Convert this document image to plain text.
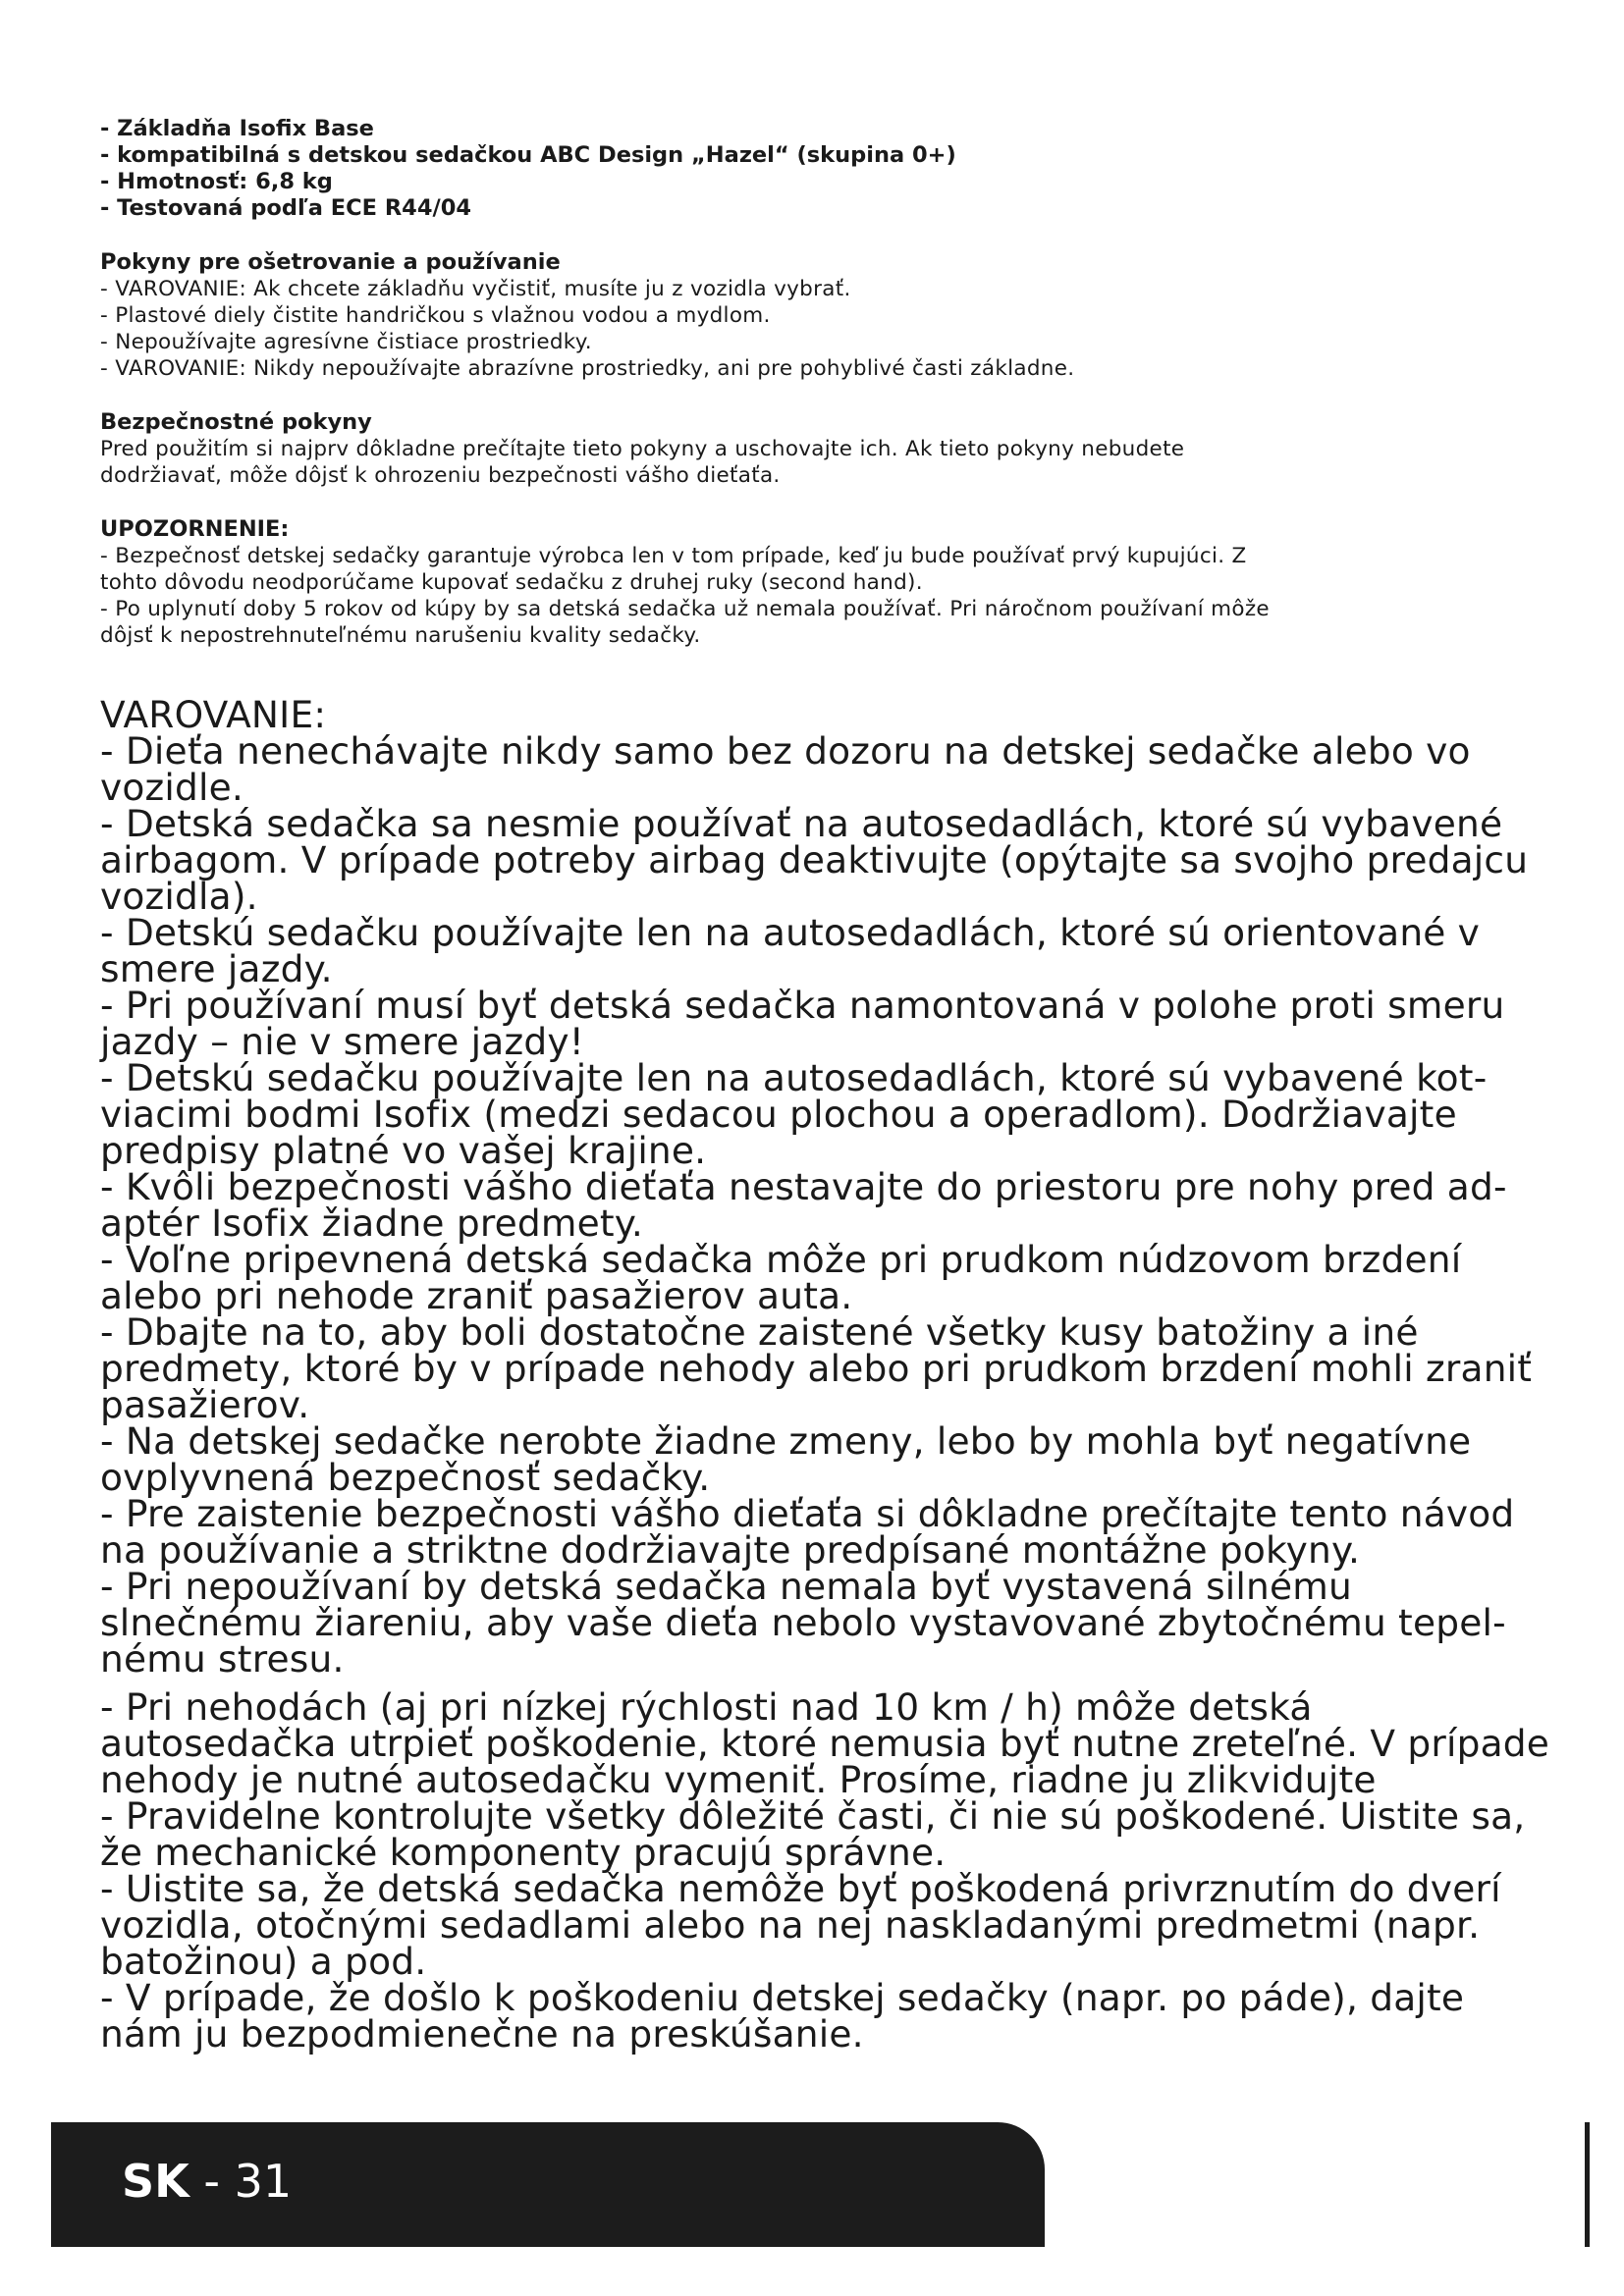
- Základňa Isofix Base

- kompatibilná s detskou sedačkou ABC Design „Hazel“ (skupina 0+)

- Hmotnosť: 6,8 kg

- Testovaná podľa ECE R44/04

Pokyny pre ošetrovanie a používanie

- VAROVANIE: Ak chcete základňu vyčistiť, musíte ju z vozidla vybrať.

- Plastové diely čistite handričkou s vlažnou vodou a mydlom.

- Nepoužívajte agresívne čistiace prostriedky.

- VAROVANIE: Nikdy nepoužívajte abrazívne prostriedky, ani pre pohyblivé časti základne.

Bezpečnostné pokyny

Pred použitím si najprv dôkladne prečítajte tieto pokyny a uschovajte ich. Ak tieto pokyny nebudete

dodržiavať, môže dôjsť k ohrozeniu bezpečnosti vášho dieťaťa.

UPOZORNENIE:

- Bezpečnosť detskej sedačky garantuje výrobca len v tom prípade, keď ju bude používať prvý kupujúci. Z

tohto dôvodu neodporúčame kupovať sedačku z druhej ruky (second hand).

- Po uplynutí doby 5 rokov od kúpy by sa detská sedačka už nemala používať. Pri náročnom používaní môže

dôjsť k nepostrehnuteľnému narušeniu kvality sedačky.

VAROVANIE:

- Dieťa nenechávajte nikdy samo bez dozoru na detskej sedačke alebo vo

vozidle.

- Detská sedačka sa nesmie používať na autosedadlách, ktoré sú vybavené

airbagom. V prípade potreby airbag deaktivujte (opýtajte sa svojho predajcu

vozidla).

- Detskú sedačku používajte len na autosedadlách, ktoré sú orientované v

smere jazdy.

- Pri používaní musí byť detská sedačka namontovaná v polohe proti smeru

jazdy – nie v smere jazdy!

- Detskú sedačku používajte len na autosedadlách, ktoré sú vybavené kot-

viacimi bodmi Isofix (medzi sedacou plochou a operadlom). Dodržiavajte

predpisy platné vo vašej krajine.

- Kvôli bezpečnosti vášho dieťaťa nestavajte do priestoru pre nohy pred ad-

aptér Isofix žiadne predmety.

- Voľne pripevnená detská sedačka môže pri prudkom núdzovom brzdení

alebo pri nehode zraniť pasažierov auta.

- Dbajte na to, aby boli dostatočne zaistené všetky kusy batožiny a iné

predmety, ktoré by v prípade nehody alebo pri prudkom brzdení mohli zraniť

pasažierov.

- Na detskej sedačke nerobte žiadne zmeny, lebo by mohla byť negatívne

ovplyvnená bezpečnosť sedačky.

- Pre zaistenie bezpečnosti vášho dieťaťa si dôkladne prečítajte tento návod

na používanie a striktne dodržiavajte predpísané montážne pokyny.

- Pri nepoužívaní by detská sedačka nemala byť vystavená silnému

slnečnému žiareniu, aby vaše dieťa nebolo vystavované zbytočnému tepel-

nému stresu.

- Pri nehodách (aj pri nízkej rýchlosti nad 10 km / h) môže detská

autosedačka utrpieť poškodenie, ktoré nemusia byť nutne zreteľné. V prípade

nehody je nutné autosedačku vymeniť. Prosíme, riadne ju zlikvidujte

- Pravidelne kontrolujte všetky dôležité časti, či nie sú poškodené. Uistite sa,

že mechanické komponenty pracujú správne.

- Uistite sa, že detská sedačka nemôže byť poškodená privrznutím do dverí

vozidla, otočnými sedadlami alebo na nej naskladanými predmetmi (napr.

batožinou) a pod.

- V prípade, že došlo k poškodeniu detskej sedačky (napr. po páde), dajte

nám ju bezpodmienečne na preskúšanie.

SK - 31
